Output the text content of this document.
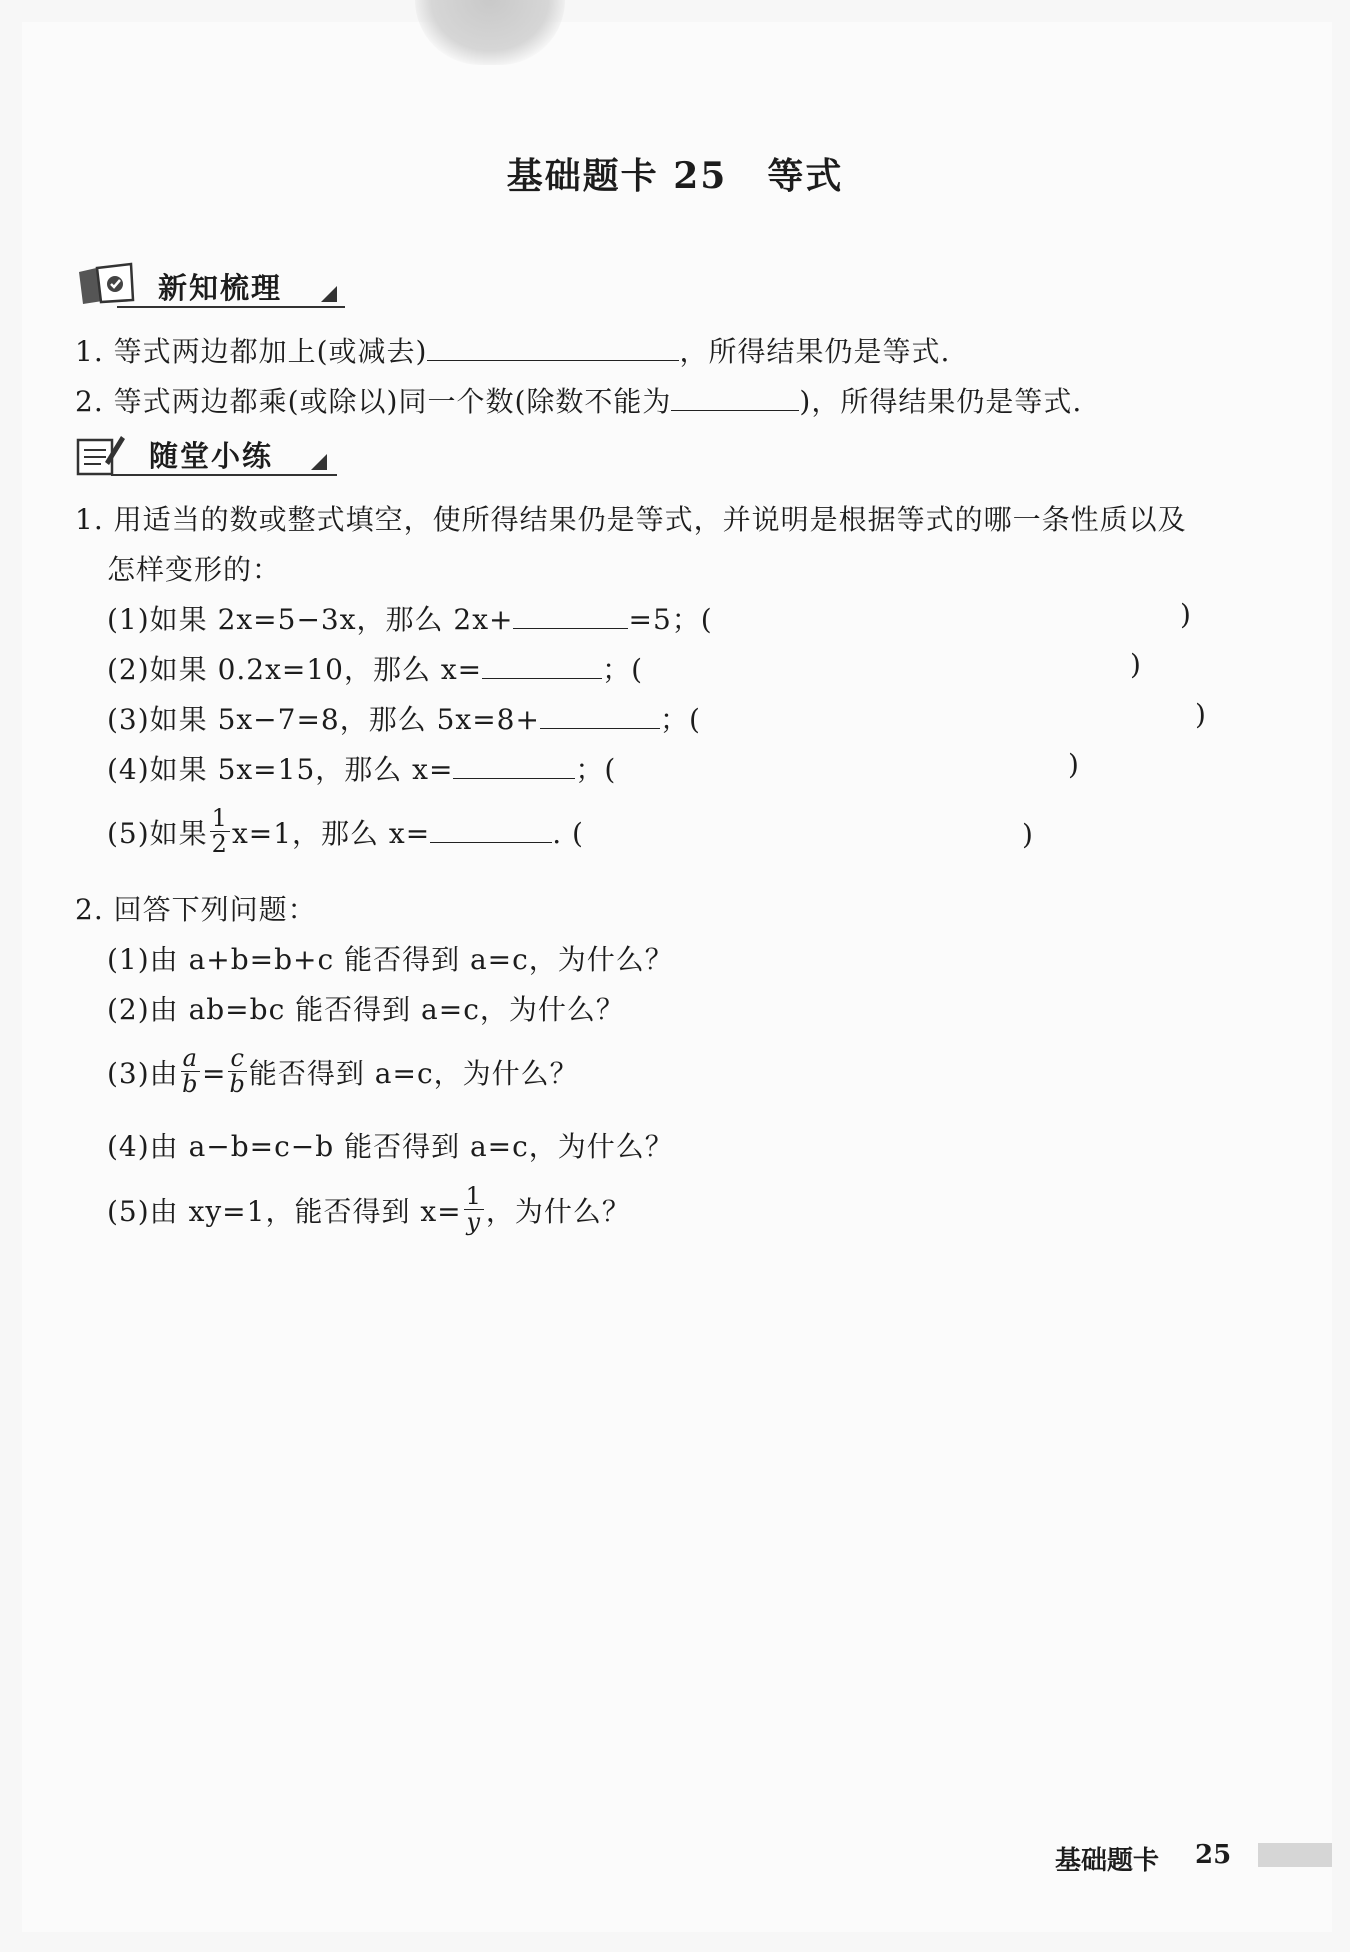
基础题卡 25 等式
新知梳理
1. 等式两边都加上(或减去)	，所得结果仍是等式.
2. 等式两边都乘(或除以)同一个数(除数不能为	)，所得结果仍是等式.
随堂小练
1. 用适当的数或整式填空，使所得结果仍是等式，并说明是根据等式的哪一条性质以及
怎样变形的：
(1)如果 2x=5−3x，那么 2x+	=5；(	)
(2)如果 0.2x=10，那么 x=	；(	)
(3)如果 5x−7=8，那么 5x=8+	；(	)
(4)如果 5x=15，那么 x=	；(	)
(5)如果 $\frac{1}{2} x=1$，那么 x=	. (	)
2. 回答下列问题：
(1)由 a+b=b+c 能否得到 a=c，为什么？
(2)由 ab=bc 能否得到 a=c，为什么？
(3)由 $\frac{a}{b} = \frac{c}{b}$ 能否得到 a=c，为什么？
(4)由 a−b=c−b 能否得到 a=c，为什么？
(5)由 xy=1，能否得到 $x= \frac{1}{y}$ ，为什么？
基础题卡 25
